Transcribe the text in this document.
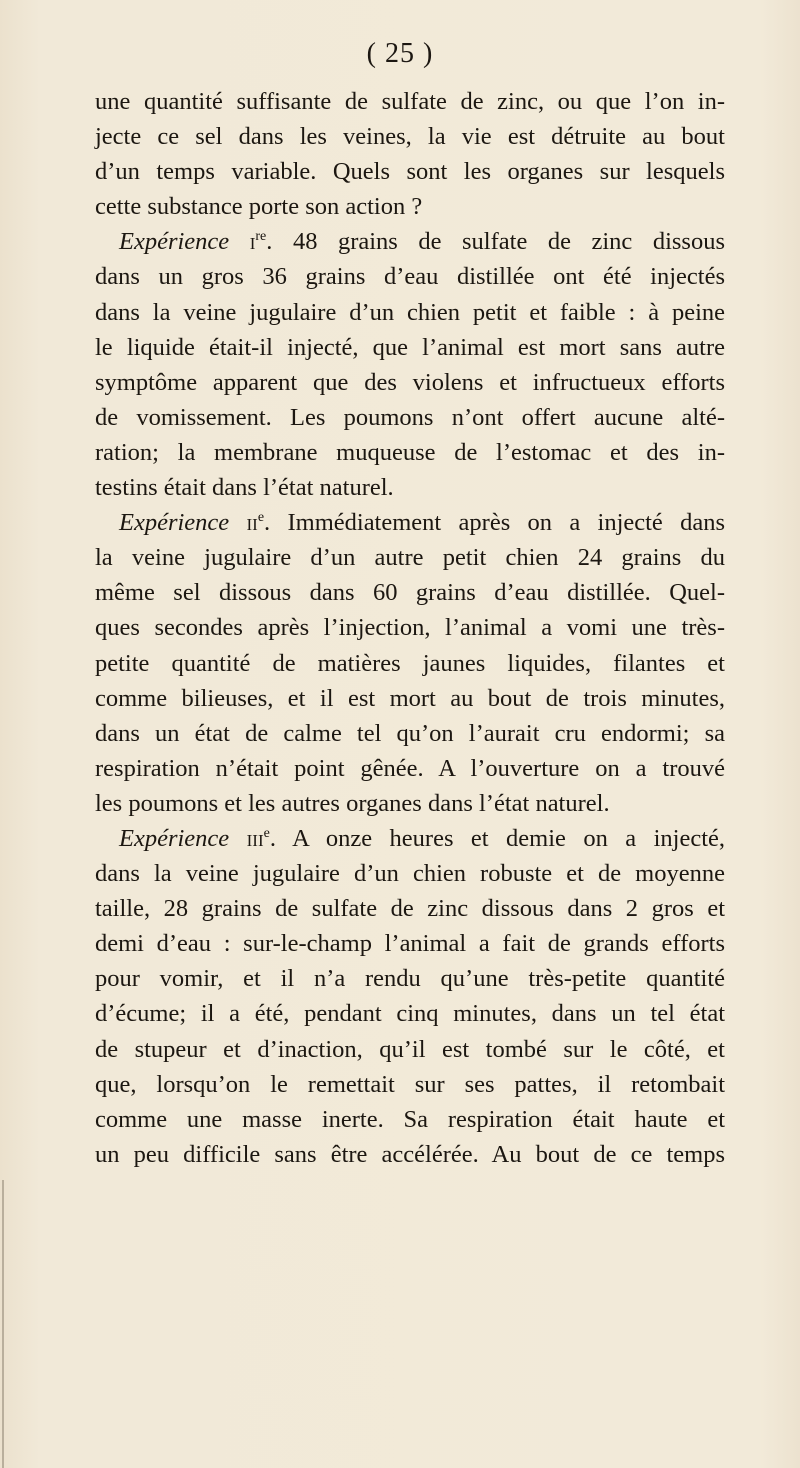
( 25 )
une quantité suffisante de sulfate de zinc, ou que l’on in-
jecte ce sel dans les veines, la vie est détruite au bout
d’un temps variable. Quels sont les organes sur lesquels
cette substance porte son action ?
Expérience $i^{re}$. 48 grains de sulfate de zinc dissous
dans un gros 36 grains d’eau distillée ont été injectés
dans la veine jugulaire d’un chien petit et faible : à peine
le liquide était-il injecté, que l’animal est mort sans autre
symptôme apparent que des violens et infructueux efforts
de vomissement. Les poumons n’ont offert aucune alté-
ration; la membrane muqueuse de l’estomac et des in-
testins était dans l’état naturel.
Expérience $ii^e$. Immédiatement après on a injecté dans
la veine jugulaire d’un autre petit chien 24 grains du
même sel dissous dans 60 grains d’eau distillée. Quel-
ques secondes après l’injection, l’animal a vomi une très-
petite quantité de matières jaunes liquides, filantes et
comme bilieuses, et il est mort au bout de trois minutes,
dans un état de calme tel qu’on l’aurait cru endormi; sa
respiration n’était point gênée. A l’ouverture on a trouvé
les poumons et les autres organes dans l’état naturel.
Expérience iii$^e$. A onze heures et demie on a injecté,
dans la veine jugulaire d’un chien robuste et de moyenne
taille, 28 grains de sulfate de zinc dissous dans 2 gros et
demi d’eau : sur-le-champ l’animal a fait de grands efforts
pour vomir, et il n’a rendu qu’une très-petite quantité
d’écume; il a été, pendant cinq minutes, dans un tel état
de stupeur et d’inaction, qu’il est tombé sur le côté, et
que, lorsqu’on le remettait sur ses pattes, il retombait
comme une masse inerte. Sa respiration était haute et
un peu difficile sans être accélérée. Au bout de ce temps
